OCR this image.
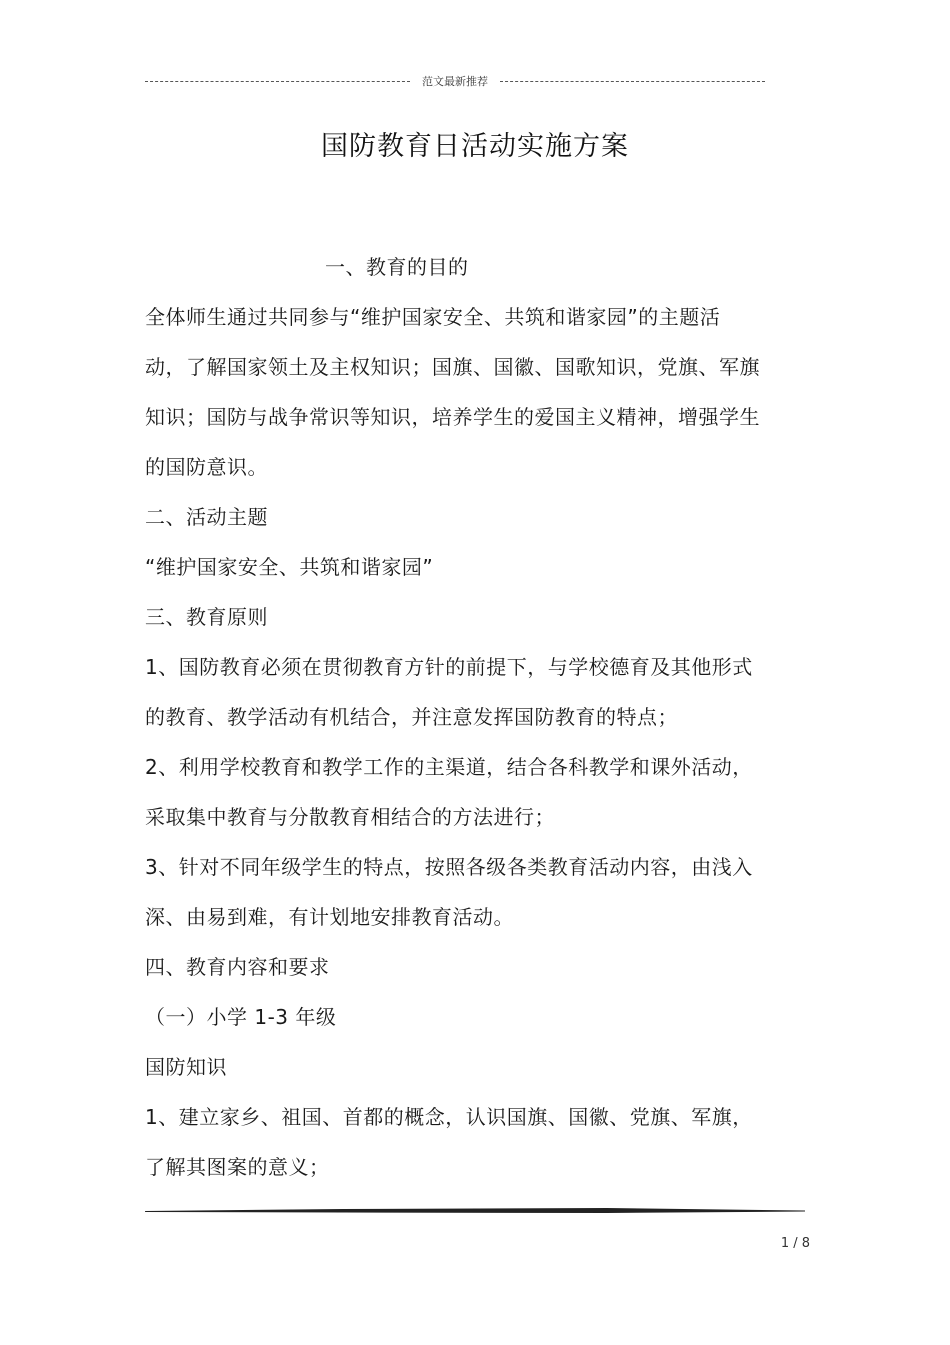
范文最新推荐
国防教育日活动实施方案
一、教育的目的
全体师生通过共同参与“维护国家安全、共筑和谐家园”的主题活
动，了解国家领土及主权知识；国旗、国徽、国歌知识，党旗、军旗
知识；国防与战争常识等知识，培养学生的爱国主义精神，增强学生
的国防意识。
二、活动主题
“维护国家安全、共筑和谐家园”
三、教育原则
1、国防教育必须在贯彻教育方针的前提下，与学校德育及其他形式
的教育、教学活动有机结合，并注意发挥国防教育的特点；
2、利用学校教育和教学工作的主渠道，结合各科教学和课外活动，
采取集中教育与分散教育相结合的方法进行；
3、针对不同年级学生的特点，按照各级各类教育活动内容，由浅入
深、由易到难，有计划地安排教育活动。
四、教育内容和要求
（一）小学 1-3 年级
国防知识
1、建立家乡、祖国、首都的概念，认识国旗、国徽、党旗、军旗，
了解其图案的意义；
1 / 8
